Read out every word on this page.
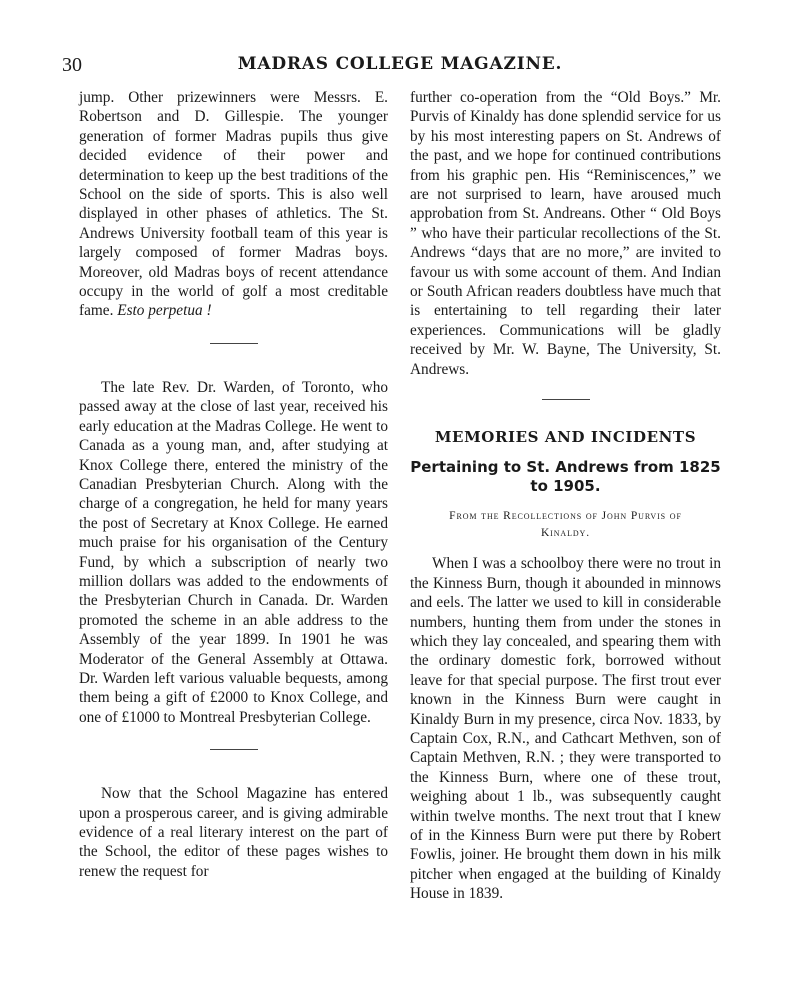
30	MADRAS COLLEGE MAGAZINE.

jump. Other prizewinners were Messrs. E. Robertson and D. Gillespie. The younger generation of former Madras pupils thus give decided evidence of their power and determination to keep up the best traditions of the School on the side of sports. This is also well displayed in other phases of athletics. The St. Andrews University football team of this year is largely composed of former Madras boys. Moreover, old Madras boys of recent attendance occupy in the world of golf a most creditable fame. Esto perpetua !

The late Rev. Dr. Warden, of Toronto, who passed away at the close of last year, received his early education at the Madras College. He went to Canada as a young man, and, after studying at Knox College there, entered the ministry of the Canadian Presbyterian Church. Along with the charge of a congregation, he held for many years the post of Secretary at Knox College. He earned much praise for his organisation of the Century Fund, by which a subscription of nearly two million dollars was added to the endowments of the Presbyterian Church in Canada. Dr. Warden promoted the scheme in an able address to the Assembly of the year 1899. In 1901 he was Moderator of the General Assembly at Ottawa. Dr. Warden left various valuable bequests, among them being a gift of £2000 to Knox College, and one of £1000 to Montreal Presbyterian College.

Now that the School Magazine has entered upon a prosperous career, and is giving admirable evidence of a real literary interest on the part of the School, the editor of these pages wishes to renew the request for

further co-operation from the “Old Boys.” Mr. Purvis of Kinaldy has done splendid service for us by his most interesting papers on St. Andrews of the past, and we hope for continued contributions from his graphic pen. His “Reminiscences,” we are not surprised to learn, have aroused much approbation from St. Andreans. Other “ Old Boys ” who have their particular recollections of the St. Andrews “days that are no more,” are invited to favour us with some account of them. And Indian or South African readers doubtless have much that is entertaining to tell regarding their later experiences. Communications will be gladly received by Mr. W. Bayne, The University, St. Andrews.

MEMORIES AND INCIDENTS
Pertaining to St. Andrews from 1825 to 1905.
From the Recollections of John Purvis of Kinaldy.

When I was a schoolboy there were no trout in the Kinness Burn, though it abounded in minnows and eels. The latter we used to kill in considerable numbers, hunting them from under the stones in which they lay concealed, and spearing them with the ordinary domestic fork, borrowed without leave for that special purpose. The first trout ever known in the Kinness Burn were caught in Kinaldy Burn in my presence, circa Nov. 1833, by Captain Cox, R.N., and Cathcart Methven, son of Captain Methven, R.N. ; they were transported to the Kinness Burn, where one of these trout, weighing about 1 lb., was subsequently caught within twelve months. The next trout that I knew of in the Kinness Burn were put there by Robert Fowlis, joiner. He brought them down in his milk pitcher when engaged at the building of Kinaldy House in 1839.
